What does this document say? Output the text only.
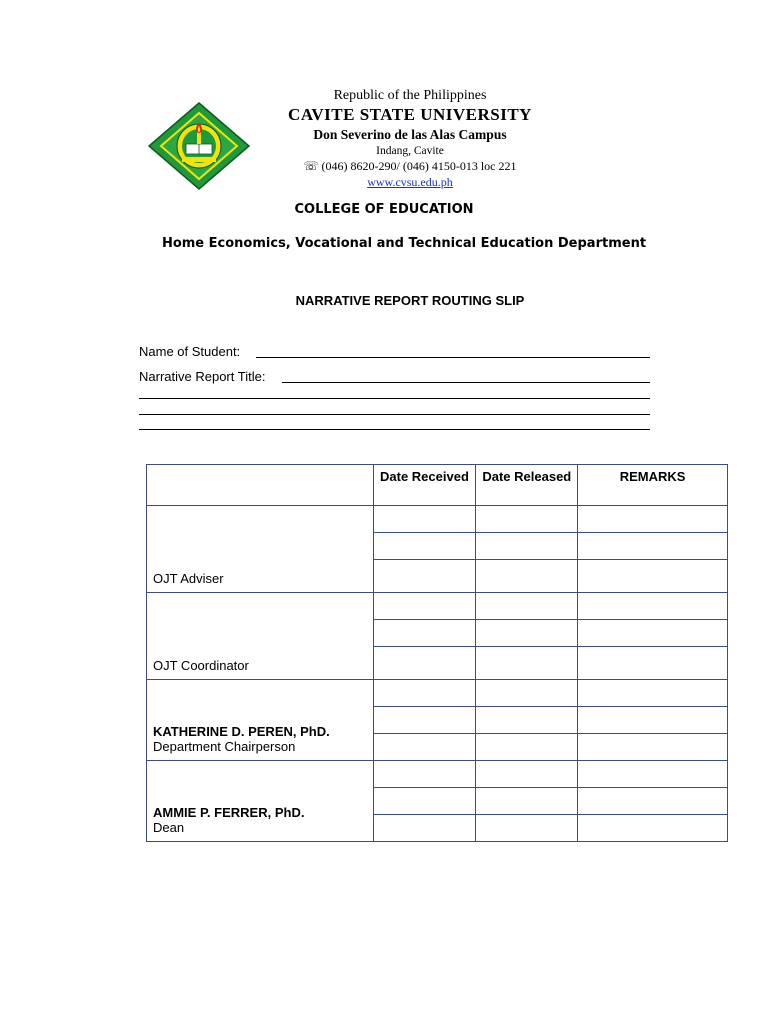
Republic of the Philippines
CAVITE STATE UNIVERSITY
Don Severino de las Alas Campus
Indang, Cavite
☏ (046) 8620-290/ (046) 4150-013 loc 221
www.cvsu.edu.ph
COLLEGE OF EDUCATION
Home Economics, Vocational and Technical Education Department
NARRATIVE REPORT ROUTING SLIP
Name of Student:
Narrative Report Title:
	Date Received	Date Released	REMARKS

OJT Adviser			

OJT Coordinator			

KATHERINE D. PEREN, PhD.
Department Chairperson			

AMMIE P. FERRER, PhD.
Dean			
